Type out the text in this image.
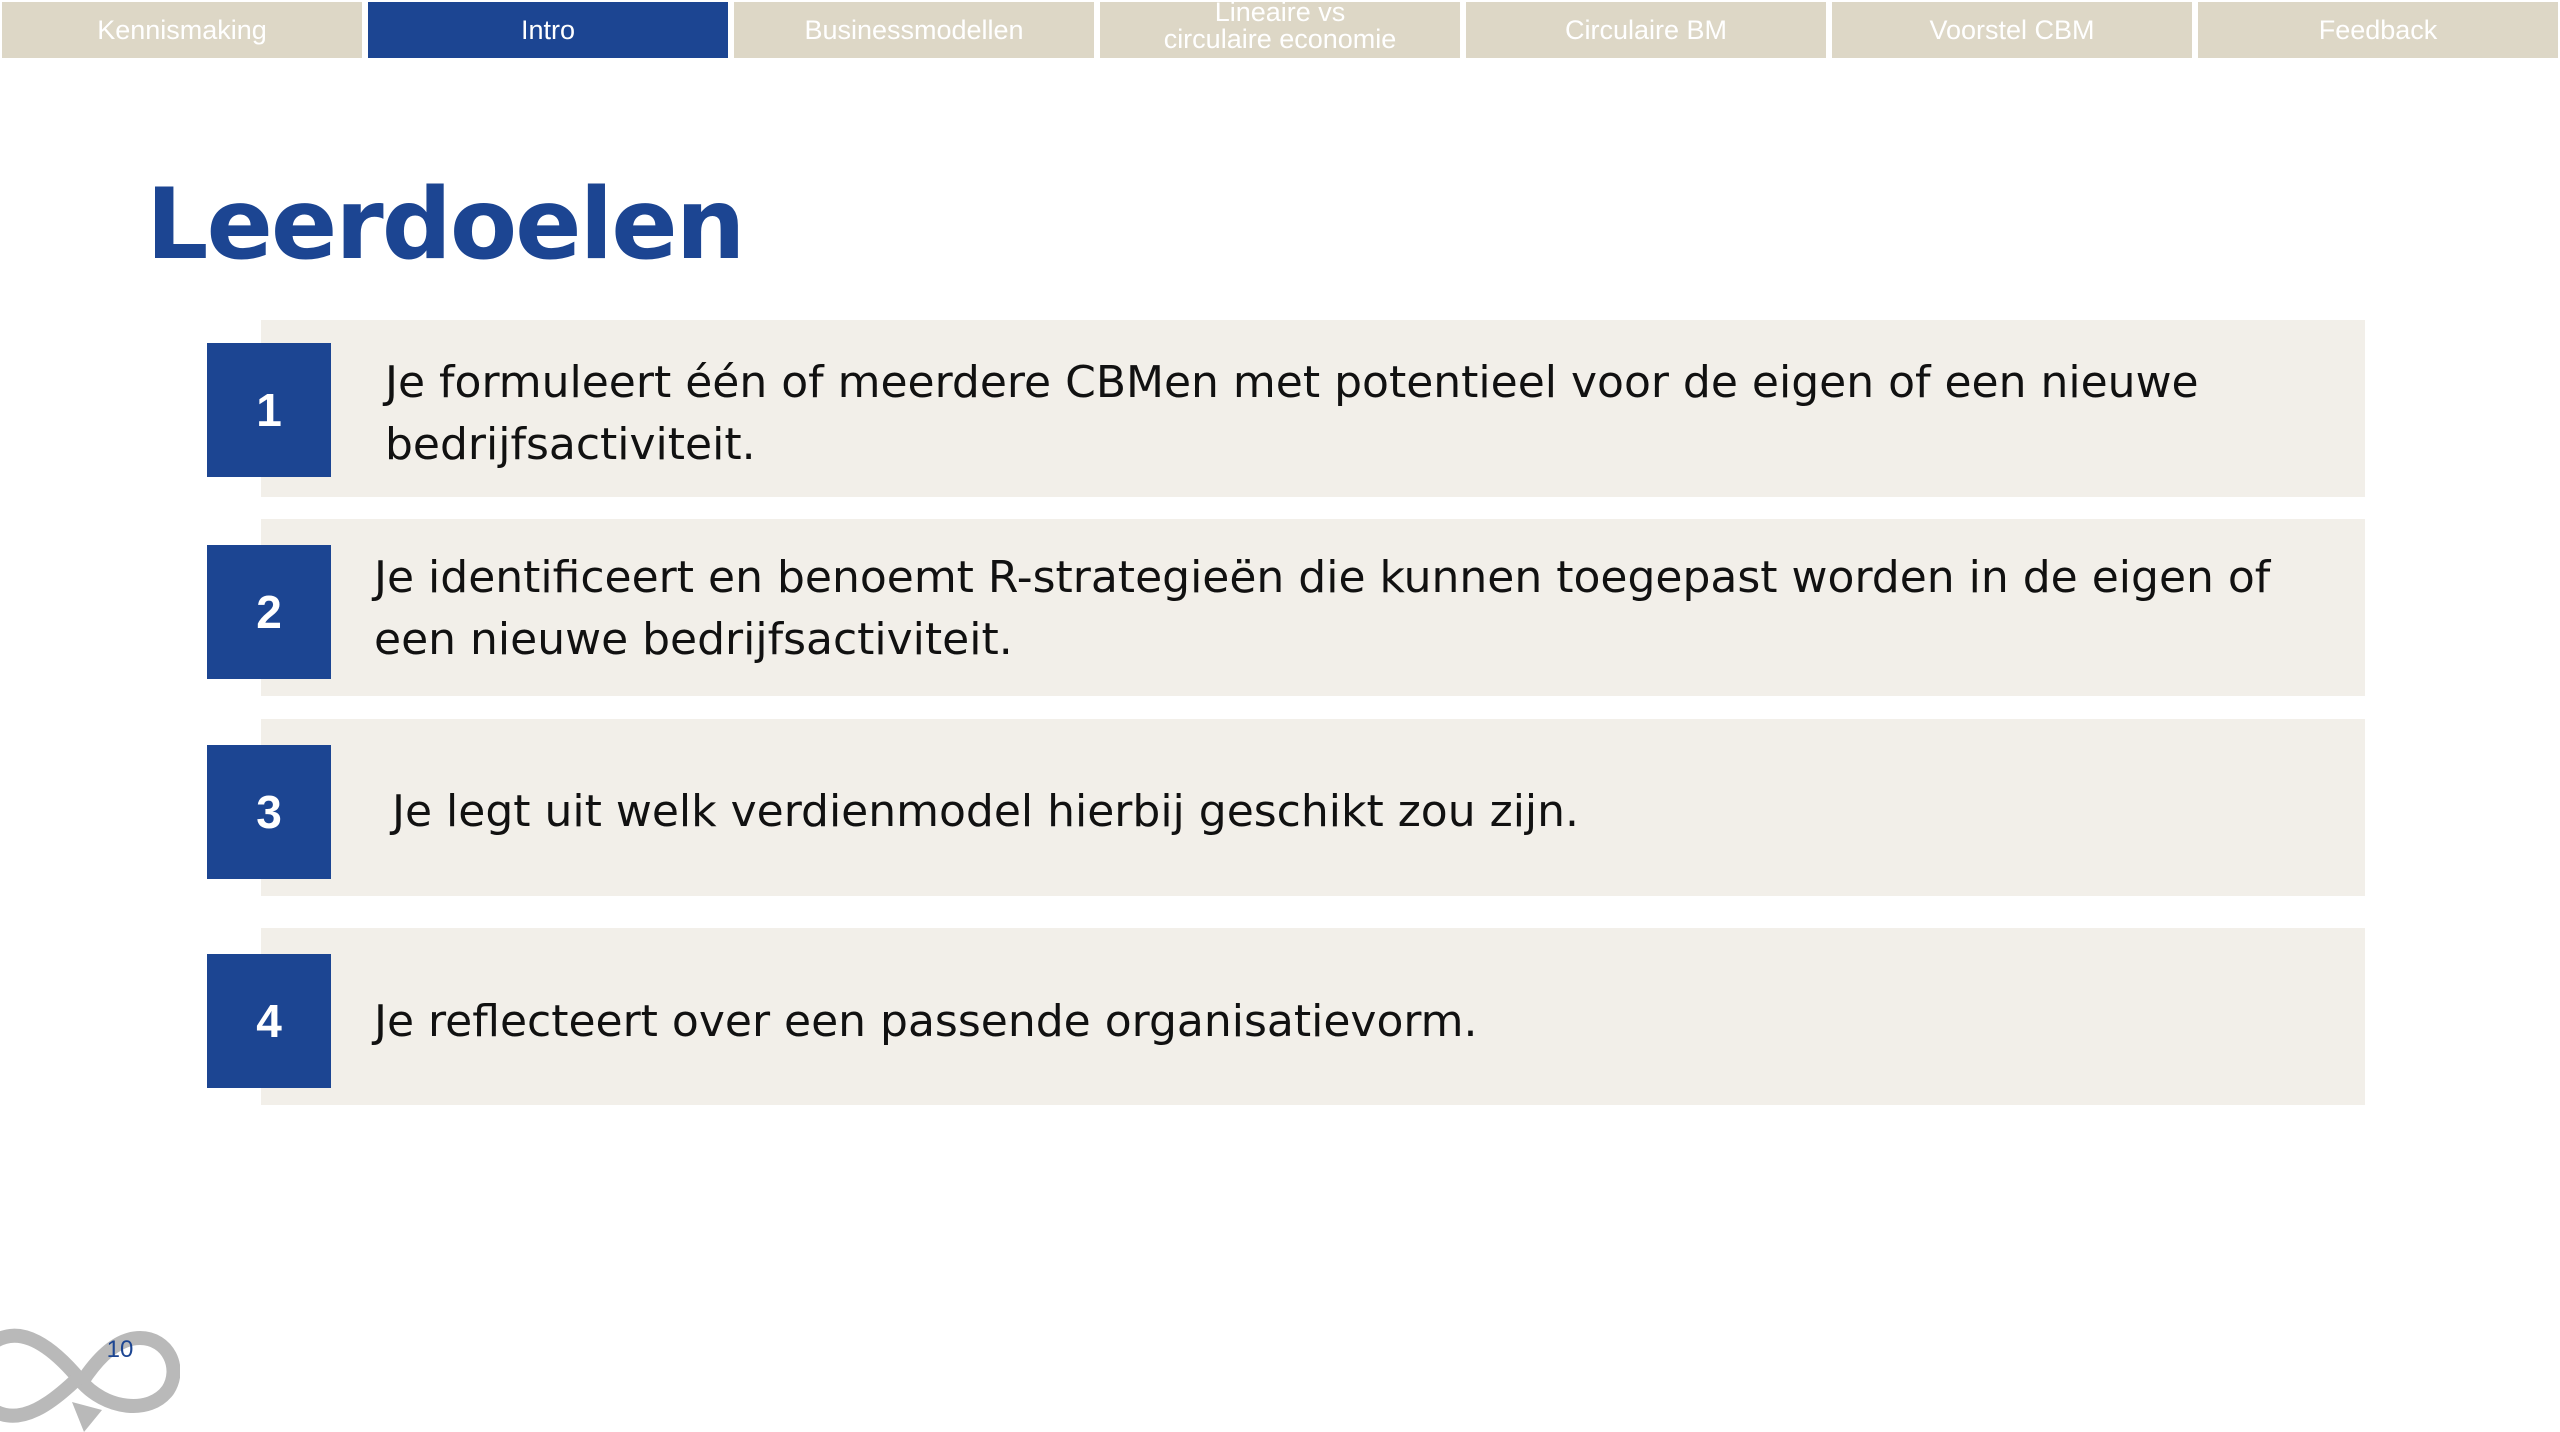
Kennismaking	Intro	Businessmodellen
Lineaire vs
circulaire economie	Circulaire BM	Voorstel CBM	Feedback
Leerdoelen
1

Je formuleert één of meerdere CBMen met potentieel voor de eigen of een nieuwe bedrijfsactiviteit.

2

Je identificeert en benoemt R-strategieën die kunnen toegepast worden in de eigen of een nieuwe bedrijfsactiviteit.

3	Je legt uit welk verdienmodel hierbij geschikt zou zijn.

4 Je reflecteert over een passende organisatievorm.

10
